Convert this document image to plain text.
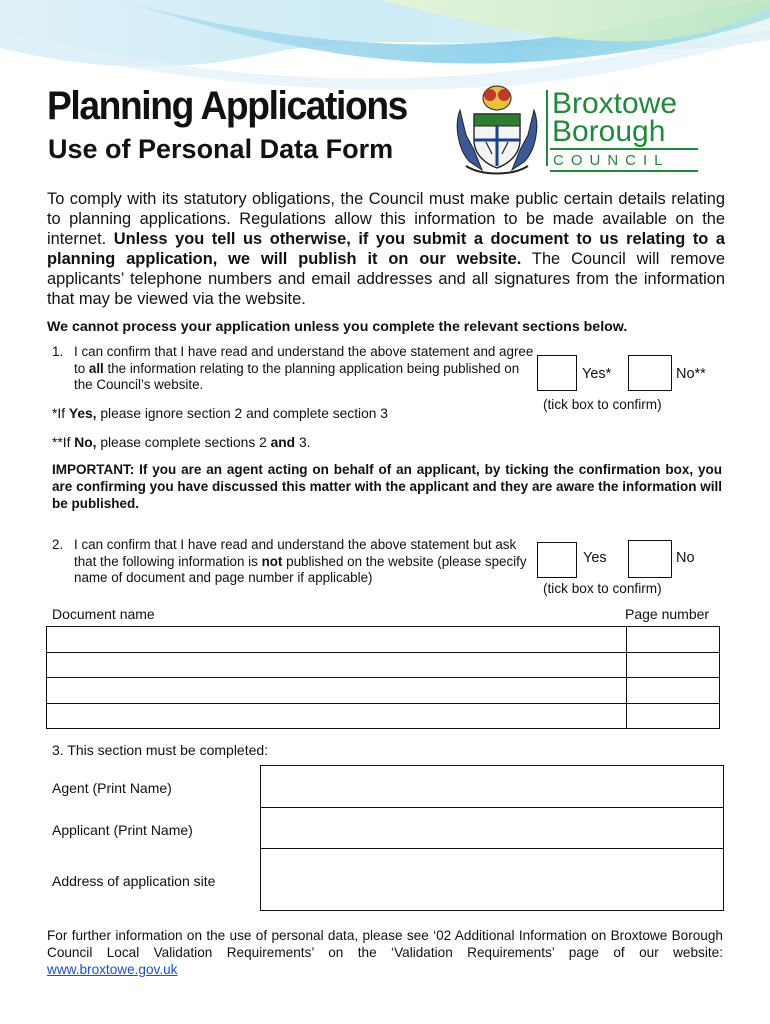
Planning Applications
Use of Personal Data Form
Broxtowe
Borough
COUNCIL
To comply with its statutory obligations, the Council must make public certain details relating to planning applications. Regulations allow this information to be made available on the internet. Unless you tell us otherwise, if you submit a document to us relating to a planning application, we will publish it on our website. The Council will remove applicants’ telephone numbers and email addresses and all signatures from the information that may be viewed via the website.
We cannot process your application unless you complete the relevant sections below.
1. I can confirm that I have read and understand the above statement and agree to all the information relating to the planning application being published on the Council’s website.
Yes*	No**
(tick box to confirm)
*If Yes, please ignore section 2 and complete section 3
**If No, please complete sections 2 and 3.
IMPORTANT: If you are an agent acting on behalf of an applicant, by ticking the confirmation box, you are confirming you have discussed this matter with the applicant and they are aware the information will be published.
2. I can confirm that I have read and understand the above statement but ask that the following information is not published on the website (please specify name of document and page number if applicable)
Yes	No
(tick box to confirm)
Document name	Page number

3. This section must be completed:
Agent (Print Name)
Applicant (Print Name)
Address of application site
For further information on the use of personal data, please see ‘02 Additional Information on Broxtowe Borough Council Local Validation Requirements’ on the ‘Validation Requirements’ page of our website: www.broxtowe.gov.uk
